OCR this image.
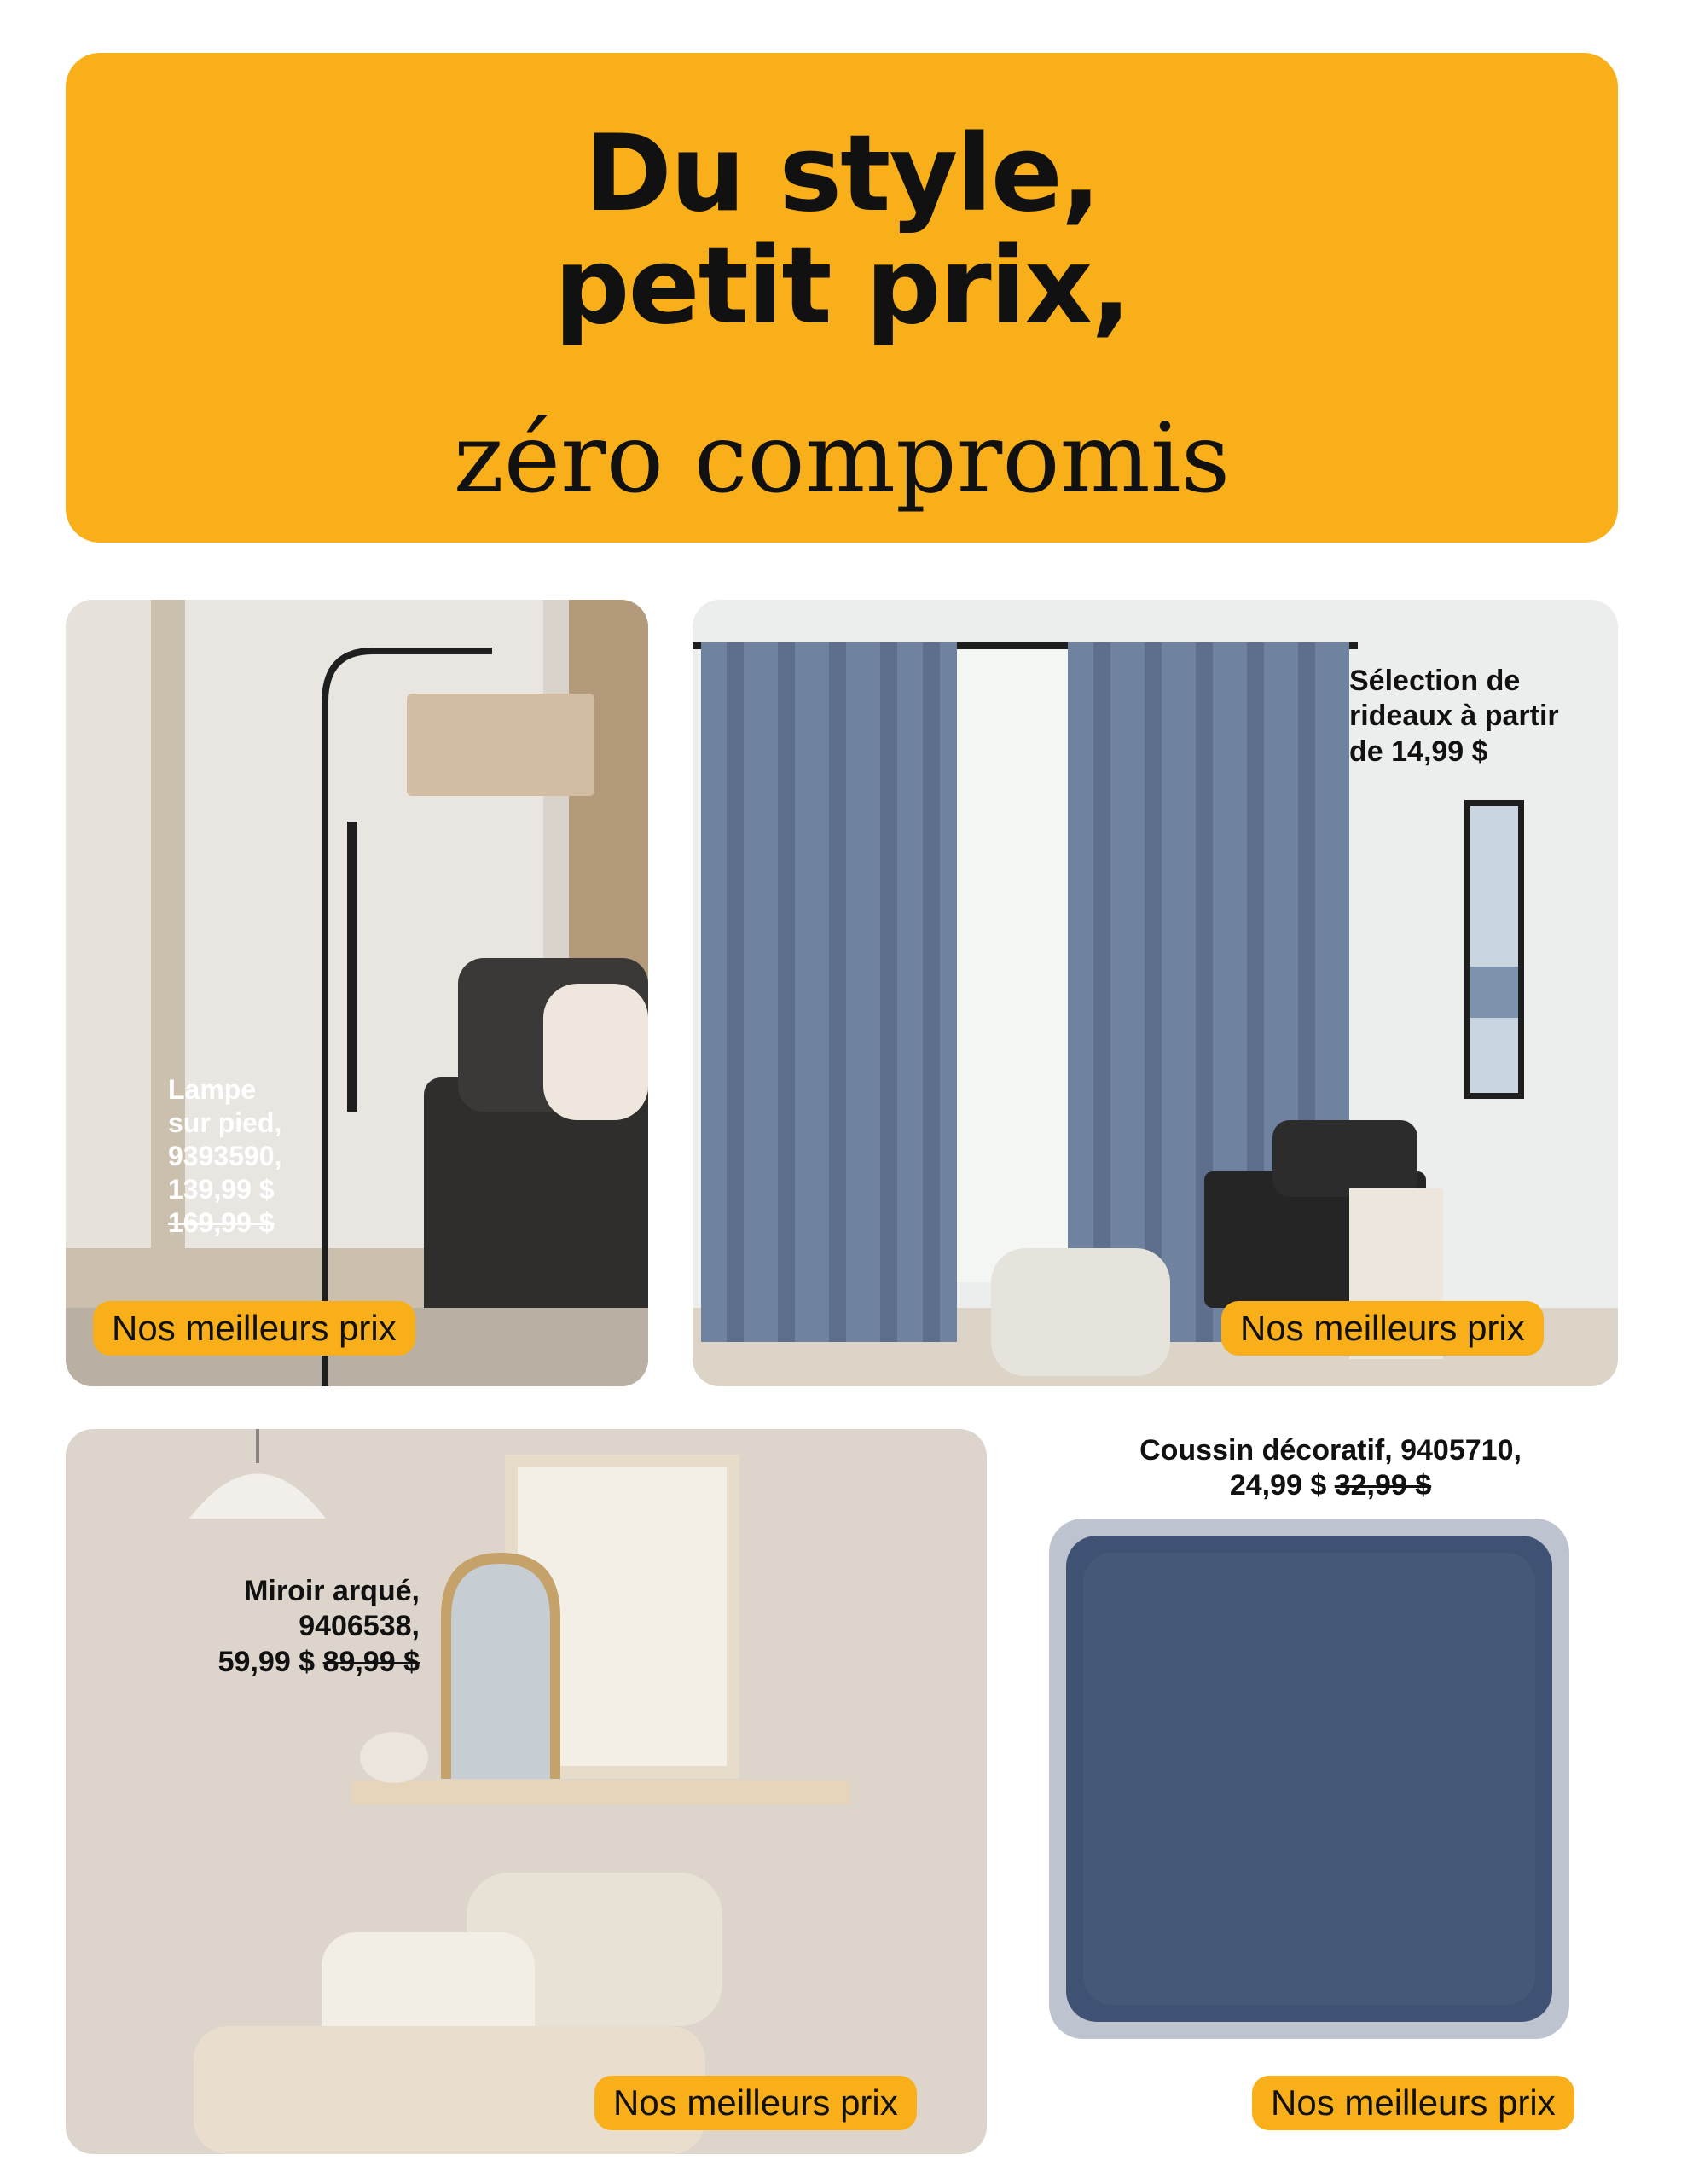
Du style,
petit prix,
zéro compromis
Lampe
sur pied,
9393590,
139,99 $
169,99 $
Nos meilleurs prix
Sélection de
rideaux à partir
de 14,99 $
Nos meilleurs prix
Miroir arqué,
9406538,
59,99 $ 89,99 $
Nos meilleurs prix
Coussin décoratif, 9405710,
24,99 $ 32,99 $
Nos meilleurs prix
